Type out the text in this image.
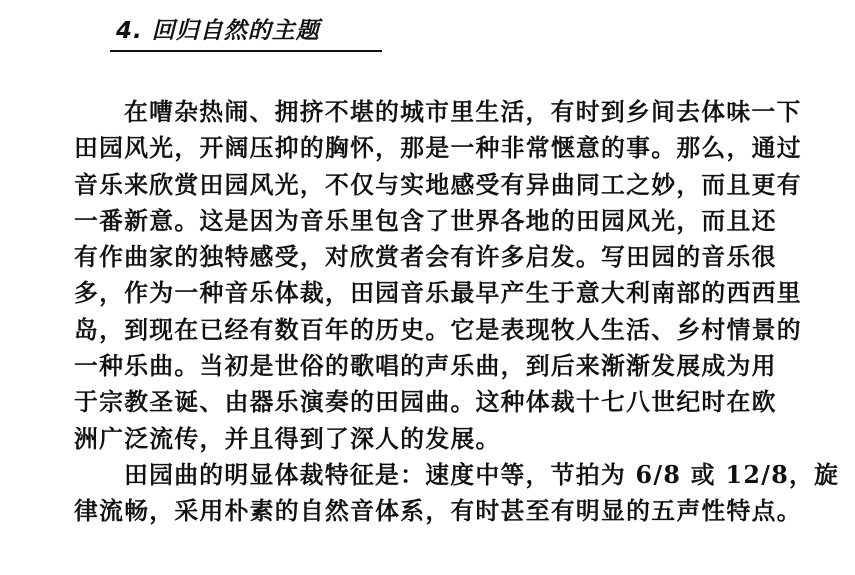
4. 回归自然的主题
在嘈杂热闹、拥挤不堪的城市里生活，有时到乡间去体味一下
田园风光，开阔压抑的胸怀，那是一种非常惬意的事。那么，通过
音乐来欣赏田园风光，不仅与实地感受有异曲同工之妙，而且更有
一番新意。这是因为音乐里包含了世界各地的田园风光，而且还
有作曲家的独特感受，对欣赏者会有许多启发。写田园的音乐很
多，作为一种音乐体裁，田园音乐最早产生于意大利南部的西西里
岛，到现在已经有数百年的历史。它是表现牧人生活、乡村情景的
一种乐曲。当初是世俗的歌唱的声乐曲，到后来渐渐发展成为用
于宗教圣诞、由器乐演奏的田园曲。这种体裁十七八世纪时在欧
洲广泛流传，并且得到了深人的发展。
田园曲的明显体裁特征是：速度中等，节拍为 6/8 或 12/8，旋
律流畅，采用朴素的自然音体系，有时甚至有明显的五声性特点。
